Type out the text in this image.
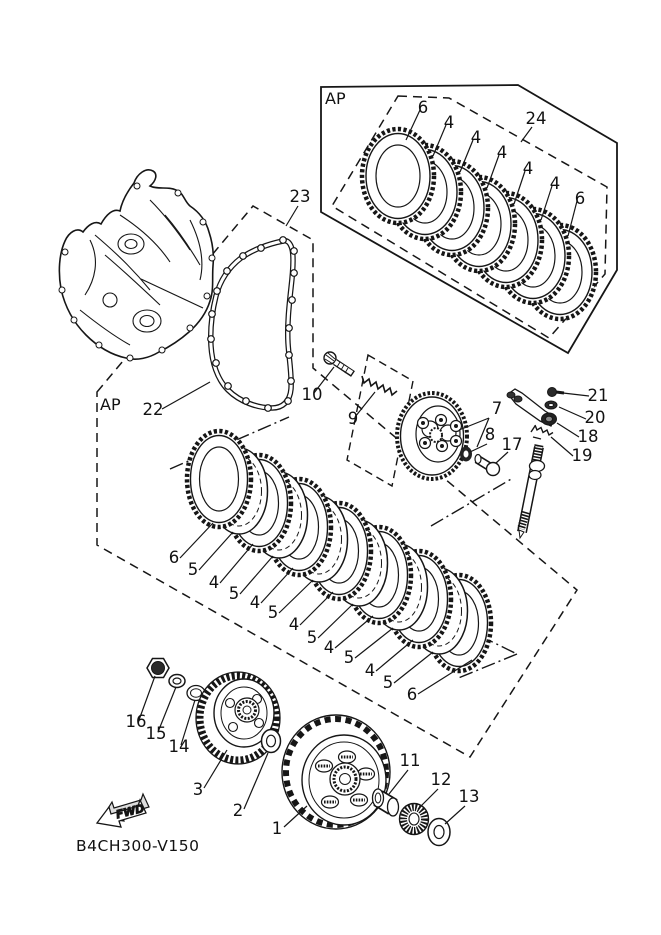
AP
AP
24
6
4
4
4
4
4
6
6
5
4
5 4
5
4
5
4
5
4
5
6
1
2
3
7
8
9
10
11
12
13
14
15
16
17	18
19
20
21
22
23
FWD
B4CH300-V150
